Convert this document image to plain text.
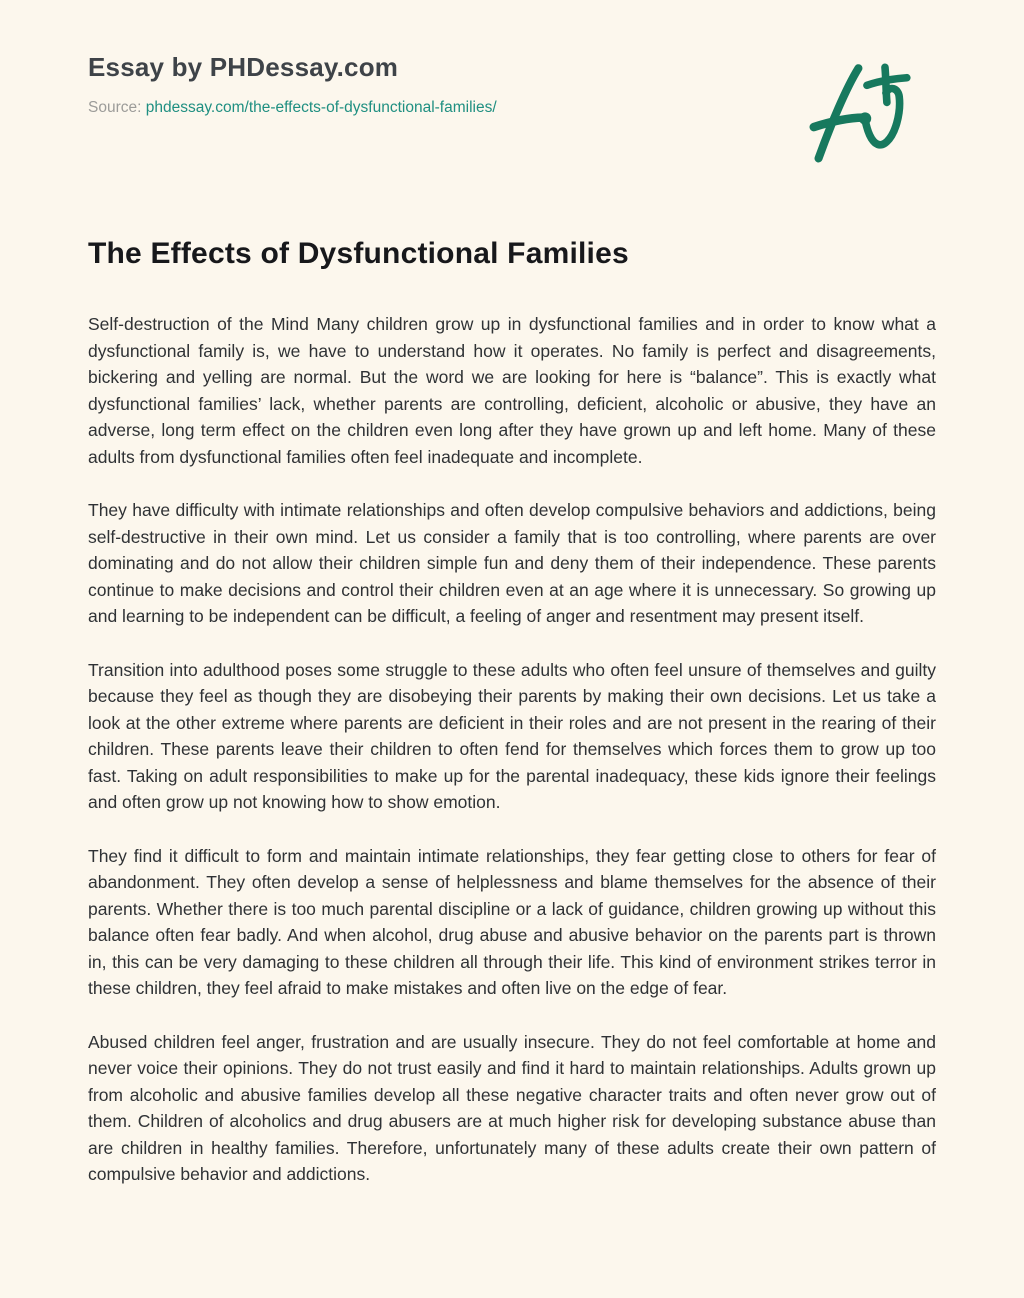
Essay by PHDessay.com
Source: phdessay.com/the-effects-of-dysfunctional-families/
The Effects of Dysfunctional Families

Self-destruction of the Mind Many children grow up in dysfunctional families and in order to know what a dysfunctional family is, we have to understand how it operates. No family is perfect and disagreements, bickering and yelling are normal. But the word we are looking for here is “balance”. This is exactly what dysfunctional families’ lack, whether parents are controlling, deficient, alcoholic or abusive, they have an adverse, long term effect on the children even long after they have grown up and left home. Many of these adults from dysfunctional families often feel inadequate and incomplete.

They have difficulty with intimate relationships and often develop compulsive behaviors and addictions, being self-destructive in their own mind. Let us consider a family that is too controlling, where parents are over dominating and do not allow their children simple fun and deny them of their independence. These parents continue to make decisions and control their children even at an age where it is unnecessary. So growing up and learning to be independent can be difficult, a feeling of anger and resentment may present itself.

Transition into adulthood poses some struggle to these adults who often feel unsure of themselves and guilty because they feel as though they are disobeying their parents by making their own decisions. Let us take a look at the other extreme where parents are deficient in their roles and are not present in the rearing of their children. These parents leave their children to often fend for themselves which forces them to grow up too fast. Taking on adult responsibilities to make up for the parental inadequacy, these kids ignore their feelings and often grow up not knowing how to show emotion.

They find it difficult to form and maintain intimate relationships, they fear getting close to others for fear of abandonment. They often develop a sense of helplessness and blame themselves for the absence of their parents. Whether there is too much parental discipline or a lack of guidance, children growing up without this balance often fear badly. And when alcohol, drug abuse and abusive behavior on the parents part is thrown in, this can be very damaging to these children all through their life. This kind of environment strikes terror in these children, they feel afraid to make mistakes and often live on the edge of fear.

Abused children feel anger, frustration and are usually insecure. They do not feel comfortable at home and never voice their opinions. They do not trust easily and find it hard to maintain relationships. Adults grown up from alcoholic and abusive families develop all these negative character traits and often never grow out of them. Children of alcoholics and drug abusers are at much higher risk for developing substance abuse than are children in healthy families. Therefore, unfortunately many of these adults create their own pattern of compulsive behavior and addictions.
